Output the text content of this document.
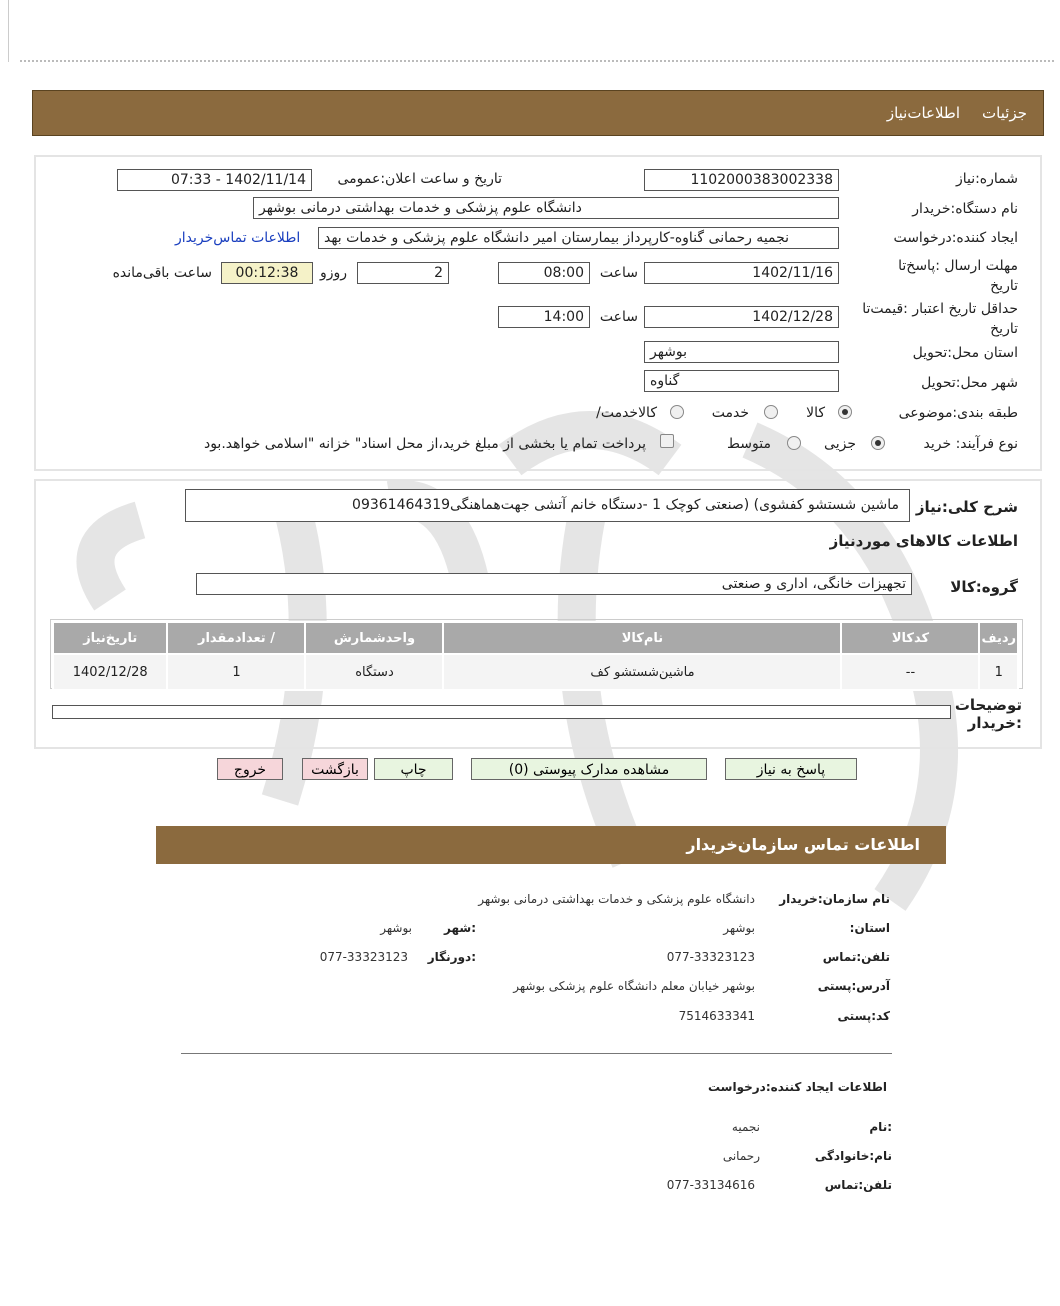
جزئیات
اطلاعات‌نیاز
شماره:نیاز
1102000383002338
تاریخ و ساعت اعلان:عمومی
1402/11/14 - 07:33
نام دستگاه:خریدار
دانشگاه علوم پزشکی و خدمات بهداشتی درمانی بوشهر
ایجاد کننده:درخواست
نجمیه رحمانی گناوه-کارپرداز بیمارستان امیر دانشگاه علوم پزشکی و خدمات بهد
اطلاعات تماس‌خریدار
مهلت ارسال :پاسخ‌تا تاریخ
1402/11/16
ساعت
08:00
2
روزو
00:12:38
ساعت باقی‌مانده
حداقل تاریخ اعتبار :قیمت‌تا تاریخ
1402/12/28
ساعت
14:00
استان محل:تحویل
بوشهر
شهر محل:تحویل
گناوه
طبقه بندی:موضوعی
کالا
خدمت
کالاخدمت/
نوع فرآیند: خرید
جزیی
متوسط
پرداخت تمام یا بخشی از مبلغ خرید،از محل اسناد" خزانه "اسلامی خواهد.بود
شرح کلی:نیاز
ماشین شستشو کفشوی) (صنعتی کوچک 1 -دستگاه خانم آتشی جهت‌هماهنگی09361464319
اطلاعات کالاهای موردنیاز
گروه:کالا
تجهیزات خانگی، اداری و صنعتی
ردیف	کدکالا	نام‌کالا	واحدشمارش	/ تعدادمقدار	تاریخ‌نیاز
1	--	ماشین‌شستشو کف	دستگاه	1	1402/12/28
توضیحات :خریدار
پاسخ به نیاز
مشاهده مدارک پیوستی (0)
چاپ
بازگشت
خروج
اطلاعات تماس سازمان‌خریدار
نام سازمان:خریدار
دانشگاه علوم پزشکی و خدمات بهداشتی درمانی بوشهر
استان:
بوشهر
:شهر
بوشهر
تلفن:تماس
077-33323123
:دورنگار
077-33323123
آدرس:پستی
بوشهر خیابان معلم دانشگاه علوم پزشکی بوشهر
کد:پستی
7514633341
اطلاعات ایجاد کننده:درخواست
:نام
نجمیه
نام:خانوادگی
رحمانی
تلفن:تماس
077-33134616
